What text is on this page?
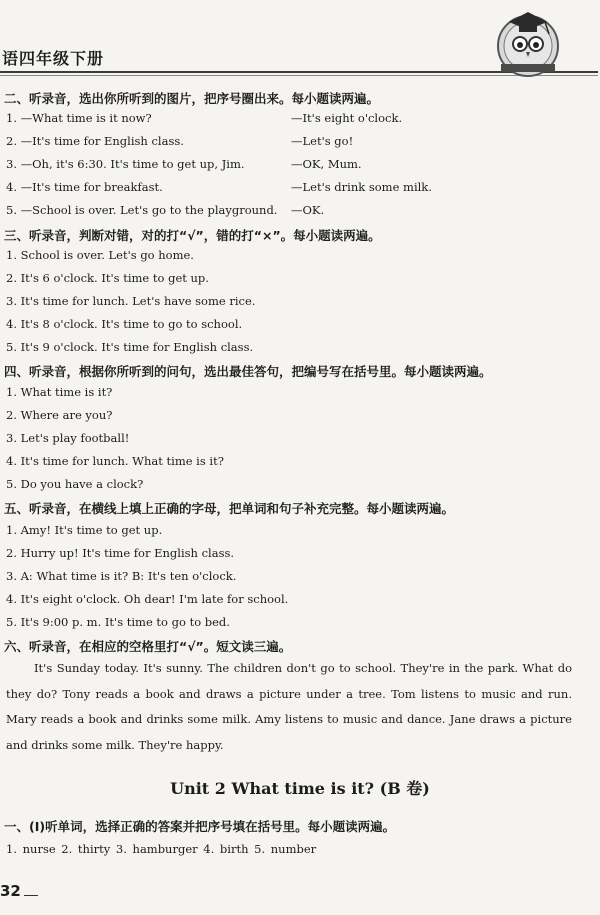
语四年级下册
二、听录音，选出你所听到的图片，把序号圈出来。每小题读两遍。
1. —What time is it now?	—It's eight o'clock.
2. —It's time for English class.	—Let's go!
3. —Oh, it's 6:30. It's time to get up, Jim.	—OK, Mum.
4. —It's time for breakfast.	—Let's drink some milk.
5. —School is over. Let's go to the playground. —OK.
三、听录音，判断对错，对的打“√”，错的打“×”。每小题读两遍。
1. School is over. Let's go home.
2. It's 6 o'clock. It's time to get up.
3. It's time for lunch. Let's have some rice.
4. It's 8 o'clock. It's time to go to school.
5. It's 9 o'clock. It's time for English class.
四、听录音，根据你所听到的问句，选出最佳答句，把编号写在括号里。每小题读两遍。
1. What time is it?
2. Where are you?
3. Let's play football!
4. It's time for lunch. What time is it?
5. Do you have a clock?
五、听录音，在横线上填上正确的字母，把单词和句子补充完整。每小题读两遍。
1. Amy! It's time to get up.
2. Hurry up! It's time for English class.
3. A: What time is it? B: It's ten o'clock.
4. It's eight o'clock. Oh dear! I'm late for school.
5. It's 9:00 p. m. It's time to go to bed.
六、听录音，在相应的空格里打“√”。短文读三遍。
It's Sunday today. It's sunny. The children don't go to school. They're in the park. What do they do? Tony reads a book and draws a picture under a tree. Tom listens to music and run. Mary reads a book and drinks some milk. Amy listens to music and dance. Jane draws a picture and drinks some milk. They're happy.
Unit 2 What time is it? (B 卷)
一、(Ⅰ)听单词，选择正确的答案并把序号填在括号里。每小题读两遍。
1. nurse 2. thirty 3. hamburger 4. birth 5. number
32
